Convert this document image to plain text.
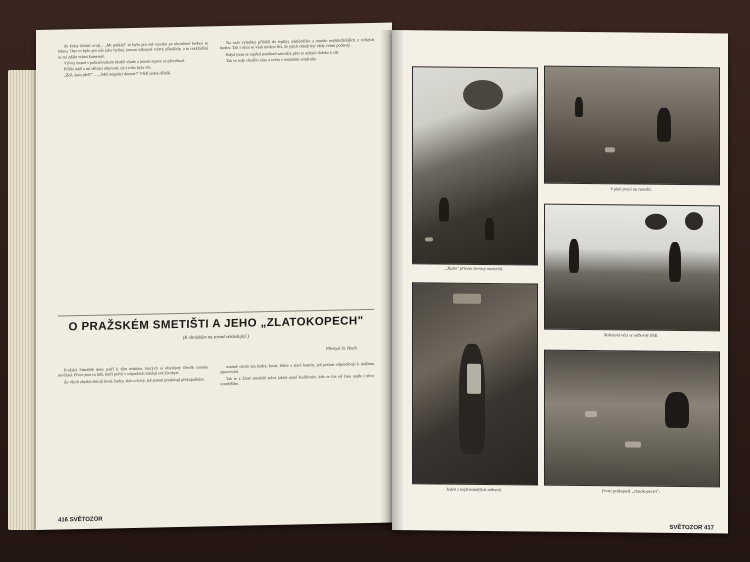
do krásy hledal svoji... „Mi poklád" to bylo pro mě vysoko po ukončené hrobce to řeknu. Ono to bylo pro nás jako byliny, jenom výkopné vrstvy přinášely, a to rozkládání se mi zdálo velmi kamenné.

Vývoz musel s pokračováním hledět všude a jenom teprve se převrhnul.

Přišlo stáří a mí dělníci objeveni, už z toho byla věc.

„Žeň, kam jdeš?" ... „Ještě neppítel dnesne!" Větší jedna dělník.

Na nalo vyhubky přiblíží do tepliny náměstíčko a mnoho nejdůležitějších z velkých budov. Tak s nimi se však možno říci, že jejich obsah byl vždy velmi podivný.

Když jsem se napřed poněkud zatoužil, přes to nebylo daleko k cíli.

Tak se tedy chodilo ráno a večer s ostatními soudruhy.

Přemysl St. Hoch.
O PRAŽSKÉM SMETIŠTI A JEHO „ZLATOKOPECH"
(K obrázkům na straně následující.)

Pražská Smetiště dnes patří k těm místům, kterých si obyčejný člověk mnoho nevšímá. Přece jsou tu lidé, kteří právě v odpadcích hledají své živobytí.

Ze všech zbytků sbírají kosti, hadry, sklo a kovy, jež potom prodávají překupníkům.

ostatně okolo jen hadry, kosti, láhve a staré baterie, jež potom odprodávají k dalšímu zpracování.

Tak se z Zlaté smetiště stává jakési malé Kalifornie, kde se čas od času najde i něco cennějšího.

416 SVĚTOZOR
„Kuba" přiveze čerstvý materiál.
V plné práci na rumišti.
Nalezená věci se odborně třídí.
Jeden z nejšťastnějších nálezců.	První průkopník „zlatokopectví".
SVĚTOZOR 417
